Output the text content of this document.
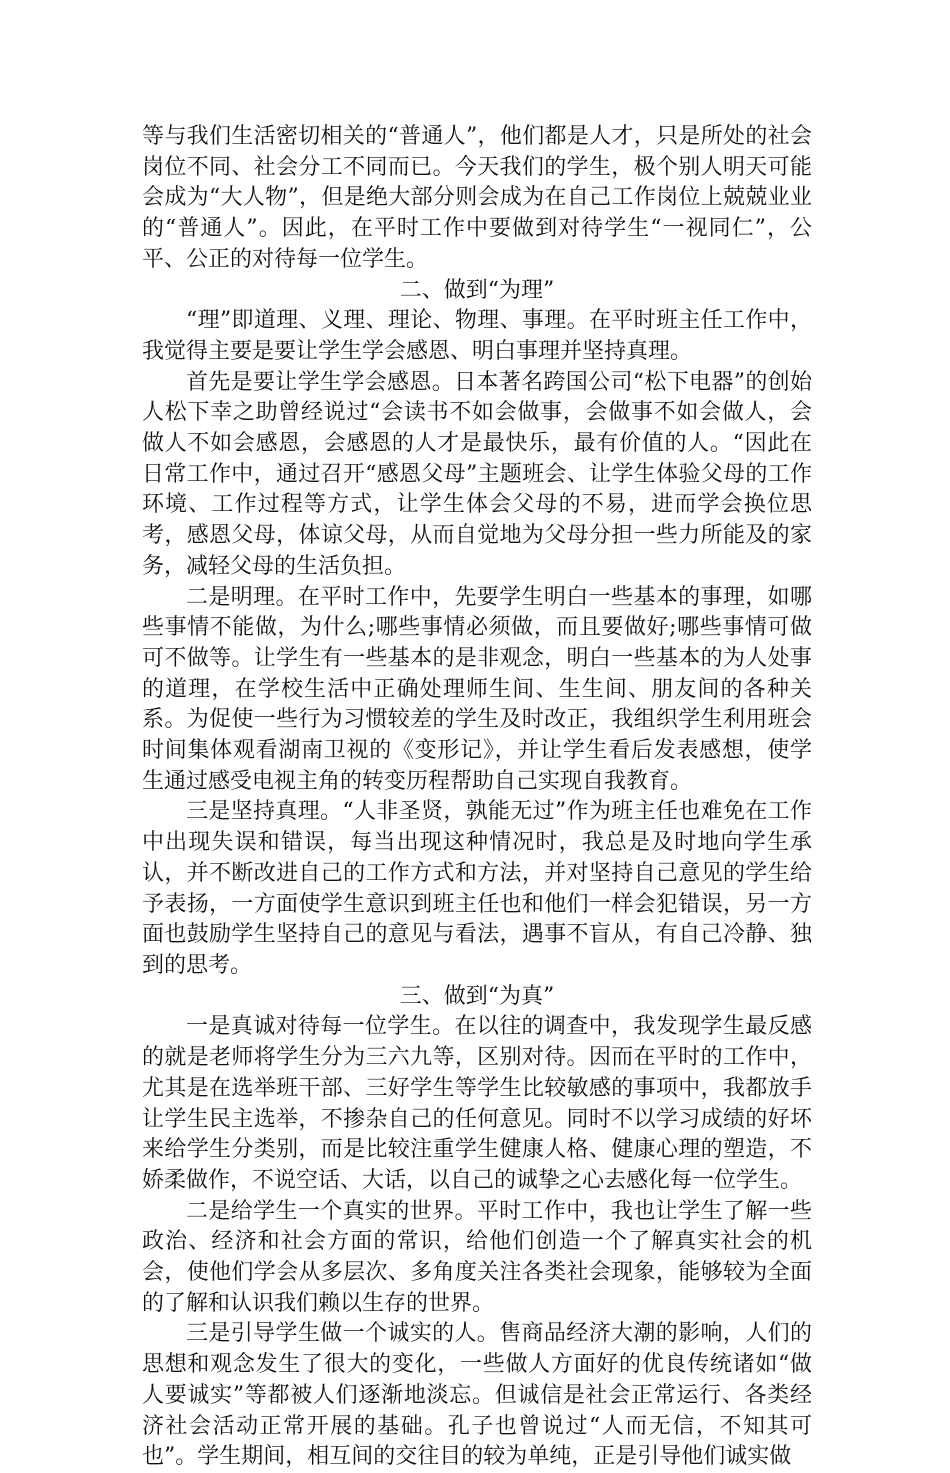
等与我们生活密切相关的“普通人”，他们都是人才，只是所处的社会岗位不同、社会分工不同而已。今天我们的学生，极个别人明天可能会成为“大人物”，但是绝大部分则会成为在自己工作岗位上兢兢业业的“普通人”。因此，在平时工作中要做到对待学生“一视同仁”，公平、公正的对待每一位学生。

二、做到“为理”

“理”即道理、义理、理论、物理、事理。在平时班主任工作中，我觉得主要是要让学生学会感恩、明白事理并坚持真理。

首先是要让学生学会感恩。日本著名跨国公司“松下电器”的创始人松下幸之助曾经说过“会读书不如会做事，会做事不如会做人，会做人不如会感恩，会感恩的人才是最快乐，最有价值的人。“因此在日常工作中，通过召开“感恩父母”主题班会、让学生体验父母的工作环境、工作过程等方式，让学生体会父母的不易，进而学会换位思考，感恩父母，体谅父母，从而自觉地为父母分担一些力所能及的家务，减轻父母的生活负担。

二是明理。在平时工作中，先要学生明白一些基本的事理，如哪些事情不能做，为什么;哪些事情必须做，而且要做好;哪些事情可做可不做等。让学生有一些基本的是非观念，明白一些基本的为人处事的道理，在学校生活中正确处理师生间、生生间、朋友间的各种关系。为促使一些行为习惯较差的学生及时改正，我组织学生利用班会时间集体观看湖南卫视的《变形记》，并让学生看后发表感想，使学生通过感受电视主角的转变历程帮助自己实现自我教育。

三是坚持真理。“人非圣贤，孰能无过”作为班主任也难免在工作中出现失误和错误，每当出现这种情况时，我总是及时地向学生承认，并不断改进自己的工作方式和方法，并对坚持自己意见的学生给予表扬，一方面使学生意识到班主任也和他们一样会犯错误，另一方面也鼓励学生坚持自己的意见与看法，遇事不盲从，有自己冷静、独到的思考。

三、做到“为真”

一是真诚对待每一位学生。在以往的调查中，我发现学生最反感的就是老师将学生分为三六九等，区别对待。因而在平时的工作中，尤其是在选举班干部、三好学生等学生比较敏感的事项中，我都放手让学生民主选举，不掺杂自己的任何意见。同时不以学习成绩的好坏来给学生分类别，而是比较注重学生健康人格、健康心理的塑造，不娇柔做作，不说空话、大话，以自己的诚挚之心去感化每一位学生。

二是给学生一个真实的世界。平时工作中，我也让学生了解一些政治、经济和社会方面的常识，给他们创造一个了解真实社会的机会，使他们学会从多层次、多角度关注各类社会现象，能够较为全面的了解和认识我们赖以生存的世界。

三是引导学生做一个诚实的人。售商品经济大潮的影响，人们的思想和观念发生了很大的变化，一些做人方面好的优良传统诸如“做人要诚实”等都被人们逐渐地淡忘。但诚信是社会正常运行、各类经济社会活动正常开展的基础。孔子也曾说过“人而无信，不知其可也”。学生期间，相互间的交往目的较为单纯，正是引导他们诚实做
